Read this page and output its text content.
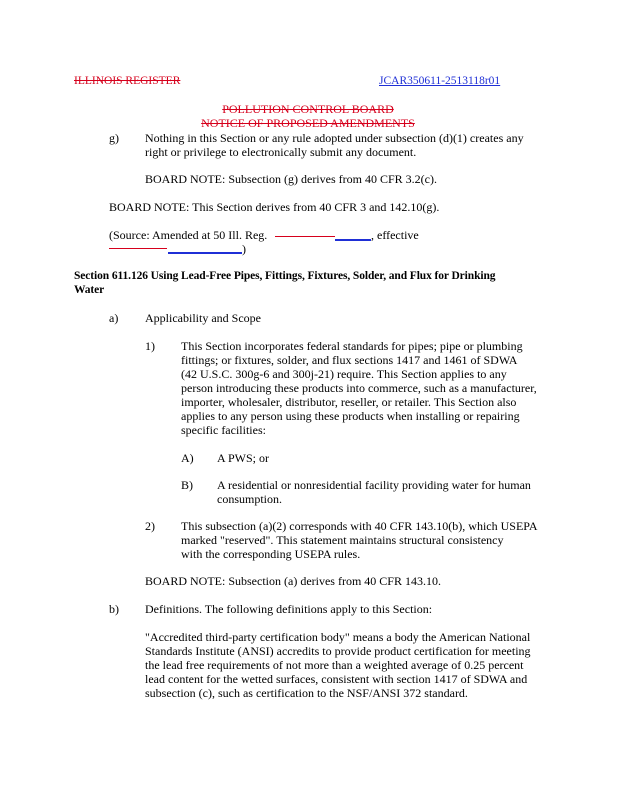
ILLINOIS REGISTER	JCAR350611-2513118r01
POLLUTION CONTROL BOARD
NOTICE OF PROPOSED AMENDMENTS
g) Nothing in this Section or any rule adopted under subsection (d)(1) creates any
right or privilege to electronically submit any document.
BOARD NOTE: Subsection (g) derives from 40 CFR 3.2(c).
BOARD NOTE: This Section derives from 40 CFR 3 and 142.10(g).
(Source: Amended at 50 Ill. Reg.	, effective
)
Section 611.126 Using Lead-Free Pipes, Fittings, Fixtures, Solder, and Flux for Drinking
Water
a) Applicability and Scope
1) This Section incorporates federal standards for pipes; pipe or plumbing
fittings; or fixtures, solder, and flux sections 1417 and 1461 of SDWA
(42 U.S.C. 300g-6 and 300j-21) require. This Section applies to any
person introducing these products into commerce, such as a manufacturer,
importer, wholesaler, distributor, reseller, or retailer. This Section also
applies to any person using these products when installing or repairing
specific facilities:
A) A PWS; or
B) A residential or nonresidential facility providing water for human
consumption.
2) This subsection (a)(2) corresponds with 40 CFR 143.10(b), which USEPA
marked "reserved". This statement maintains structural consistency
with the corresponding USEPA rules.
BOARD NOTE: Subsection (a) derives from 40 CFR 143.10.
b) Definitions. The following definitions apply to this Section:
"Accredited third-party certification body" means a body the American National
Standards Institute (ANSI) accredits to provide product certification for meeting
the lead free requirements of not more than a weighted average of 0.25 percent
lead content for the wetted surfaces, consistent with section 1417 of SDWA and
subsection (c), such as certification to the NSF/ANSI 372 standard.
